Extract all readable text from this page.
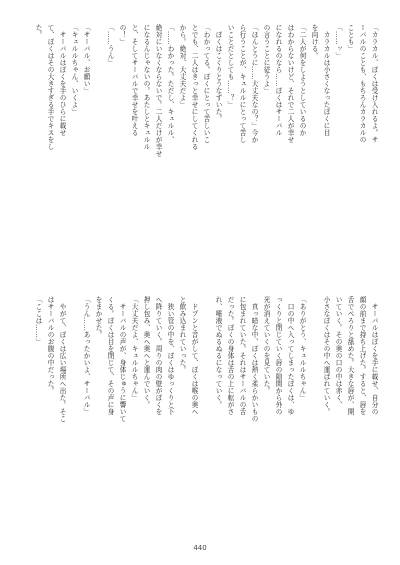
「カラカル、ぼくは受け入れるよ。サ
ーバルのことも、もちろんカラカルの
ことも」
「……ッ」
　カラカルは小さくなったぼくに目
を向ける。
「二人が何をしようとしているのか
はわからないけど、それで二人が幸せ
になれるのなら……ぼくはサーバル
の言うことに従うよ」
「ほんとうに……大丈夫なの？」今か
ら行うことが、キュルルにとって苦し
いことだとしても……？」
　ぼくはこくりとうなずいた。
「わかってる。ぼくにとって苦しいこ
とでも、二人はきっと幸せにしてくれる
から。絶対、大丈夫だよ」
「……わかった。ただし、キュルル、
絶対にいなくならないで。二人だけが幸せ
になるんじゃないの。あたしとキュルル
と、そしてサーバルで幸せを叶える
の！」
「……うん」
「サーバル、お願い」
「キュルルちゃん、いくよ」
　サーバルはぼくを手のひらに載せ
て、ぼくはその大きすぎる手でキスをし
た。
　サーバルはぼくを手に載せ、自分の
顔の前まで持ち上げた。すると、唇を
舌でぺろりと舐めた。大きな唇が、開
いていく。その奥の口の中は赤く、
小さなぼくはその中へ運ばれていく。
「ありがとう、キュルルちゃん」
　口の中へ入ってしまったぼくは、ゆ
っくりと閉じていく唇の隙間から外の
光が消えていくのを見ていた。
　真っ暗な中、ぼくは熱く柔らかいもの
に包まれていた。それはサーバルの舌
だった。ぼくの身体は舌の上に転がさ
れ、唾液でぬるぬるになっていく。
　ドプンと音がして、ぼくは喉の奥へ
と飲み込まれていった。
　狭い管の中を、ぼくはゆっくりと下
へ降りていく。周りの肉の壁がぼくを
押し包み、奥へ奥へと運んでいく。
「大丈夫だよ、キュルルちゃん」
　サーバルの声が、身体じゅうに響いて
くる。ぼくは目を閉じて、その声に身
をまかせた。
「うん……あったかいよ、サーバル」
　やがて、ぼくは広い場所へ出た。そこ
はサーバルのお腹の中だった。
「ここは……」
440
